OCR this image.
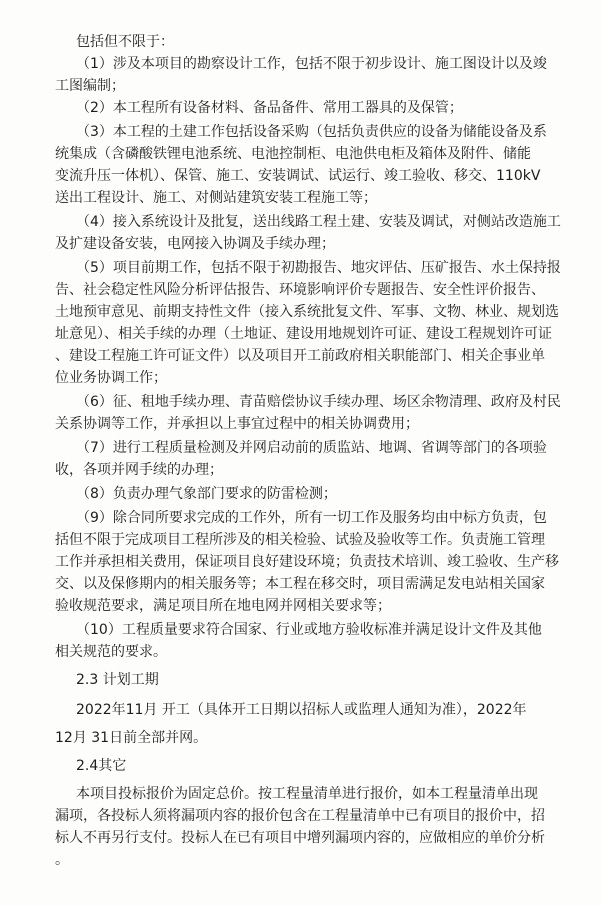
包括但不限于：
（1）涉及本项目的勘察设计工作，包括不限于初步设计、施工图设计以及竣
工图编制；
（2）本工程所有设备材料、备品备件、常用工器具的及保管；
（3）本工程的土建工作包括设备采购（包括负责供应的设备为储能设备及系
统集成（含磷酸铁锂电池系统、电池控制柜、电池供电柜及箱体及附件、储能
变流升压一体机）、保管、施工、安装调试、试运行、竣工验收、移交、110kV
送出工程设计、施工、对侧站建筑安装工程施工等；
（4）接入系统设计及批复，送出线路工程土建、安装及调试，对侧站改造施工
及扩建设备安装，电网接入协调及手续办理；
（5）项目前期工作，包括不限于初勘报告、地灾评估、压矿报告、水土保持报
告、社会稳定性风险分析评估报告、环境影响评价专题报告、安全性评价报告、
土地预审意见、前期支持性文件（接入系统批复文件、军事、文物、林业、规划选
址意见）、相关手续的办理（土地证、建设用地规划许可证、建设工程规划许可证
、建设工程施工许可证文件）以及项目开工前政府相关职能部门、相关企事业单
位业务协调工作；
（6）征、租地手续办理、青苗赔偿协议手续办理、场区余物清理、政府及村民
关系协调等工作，并承担以上事宜过程中的相关协调费用；
（7）进行工程质量检测及并网启动前的质监站、地调、省调等部门的各项验
收，各项并网手续的办理；
（8）负责办理气象部门要求的防雷检测；
（9）除合同所要求完成的工作外，所有一切工作及服务均由中标方负责，包
括但不限于完成项目工程所涉及的相关检验、试验及验收等工作。负责施工管理
工作并承担相关费用，保证项目良好建设环境；负责技术培训、竣工验收、生产移
交、以及保修期内的相关服务等；本工程在移交时，项目需满足发电站相关国家
验收规范要求，满足项目所在地电网并网相关要求等；
（10）工程质量要求符合国家、行业或地方验收标准并满足设计文件及其他
相关规范的要求。
2.3 计划工期
2022年11月 开工（具体开工日期以招标人或监理人通知为准），2022年
12月 31日前全部并网。
2.4其它
本项目投标报价为固定总价。按工程量清单进行报价，如本工程量清单出现
漏项，各投标人须将漏项内容的报价包含在工程量清单中已有项目的报价中，招
标人不再另行支付。投标人在已有项目中增列漏项内容的，应做相应的单价分析
。
